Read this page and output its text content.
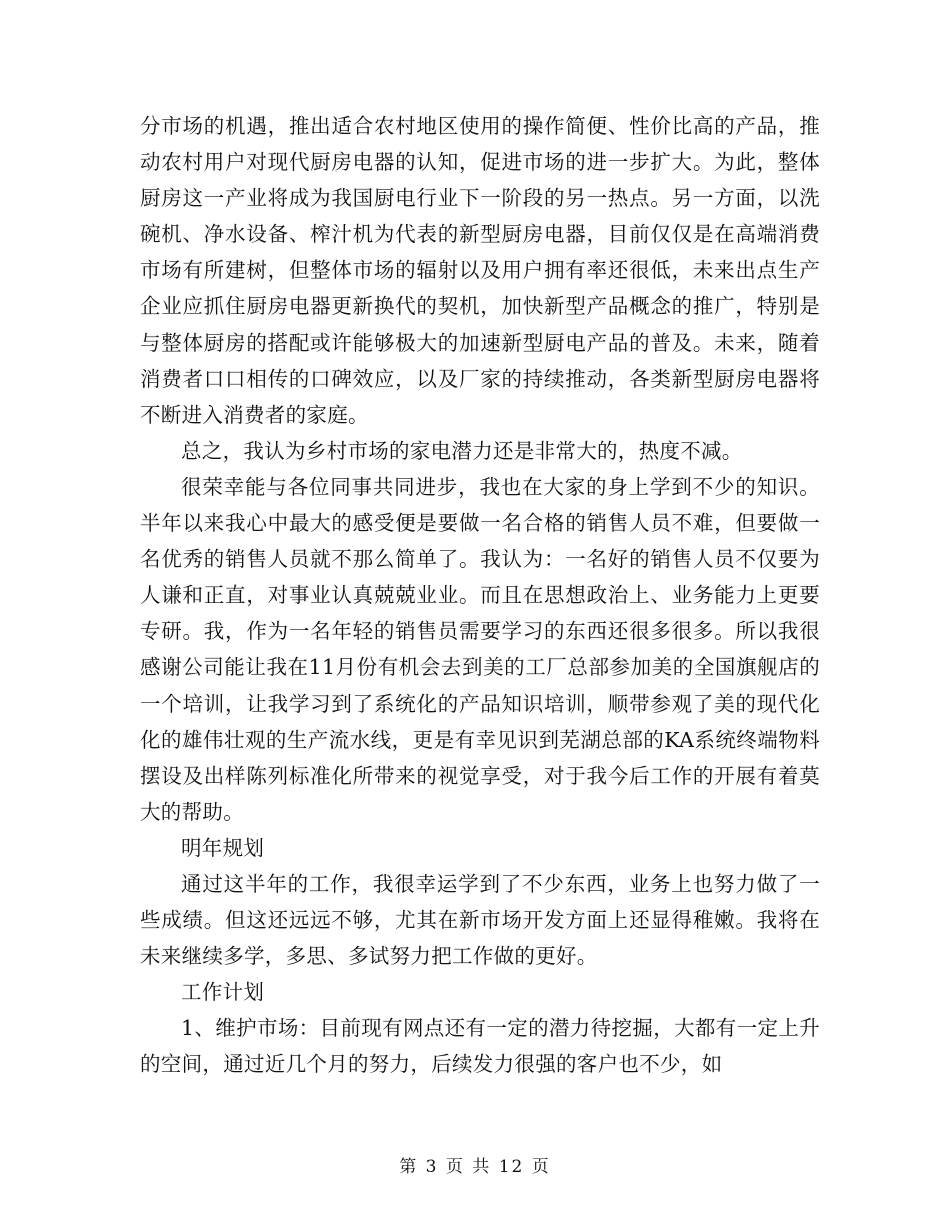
分市场的机遇，推出适合农村地区使用的操作简便、性价比高的产品，推动农村用户对现代厨房电器的认知，促进市场的进一步扩大。为此，整体厨房这一产业将成为我国厨电行业下一阶段的另一热点。另一方面，以洗碗机、净水设备、榨汁机为代表的新型厨房电器，目前仅仅是在高端消费市场有所建树，但整体市场的辐射以及用户拥有率还很低，未来出点生产企业应抓住厨房电器更新换代的契机，加快新型产品概念的推广，特别是与整体厨房的搭配或许能够极大的加速新型厨电产品的普及。未来，随着消费者口口相传的口碑效应，以及厂家的持续推动，各类新型厨房电器将不断进入消费者的家庭。

总之，我认为乡村市场的家电潜力还是非常大的，热度不减。

很荣幸能与各位同事共同进步，我也在大家的身上学到不少的知识。半年以来我心中最大的感受便是要做一名合格的销售人员不难，但要做一名优秀的销售人员就不那么简单了。我认为：一名好的销售人员不仅要为人谦和正直，对事业认真兢兢业业。而且在思想政治上、业务能力上更要专研。我，作为一名年轻的销售员需要学习的东西还很多很多。所以我很感谢公司能让我在11月份有机会去到美的工厂总部参加美的全国旗舰店的一个培训，让我学习到了系统化的产品知识培训，顺带参观了美的现代化化的雄伟壮观的生产流水线，更是有幸见识到芜湖总部的KA系统终端物料摆设及出样陈列标准化所带来的视觉享受，对于我今后工作的开展有着莫大的帮助。

明年规划

通过这半年的工作，我很幸运学到了不少东西，业务上也努力做了一些成绩。但这还远远不够，尤其在新市场开发方面上还显得稚嫩。我将在未来继续多学，多思、多试努力把工作做的更好。

工作计划

1、维护市场：目前现有网点还有一定的潜力待挖掘，大都有一定上升的空间，通过近几个月的努力，后续发力很强的客户也不少，如

第 3 页 共 12 页
